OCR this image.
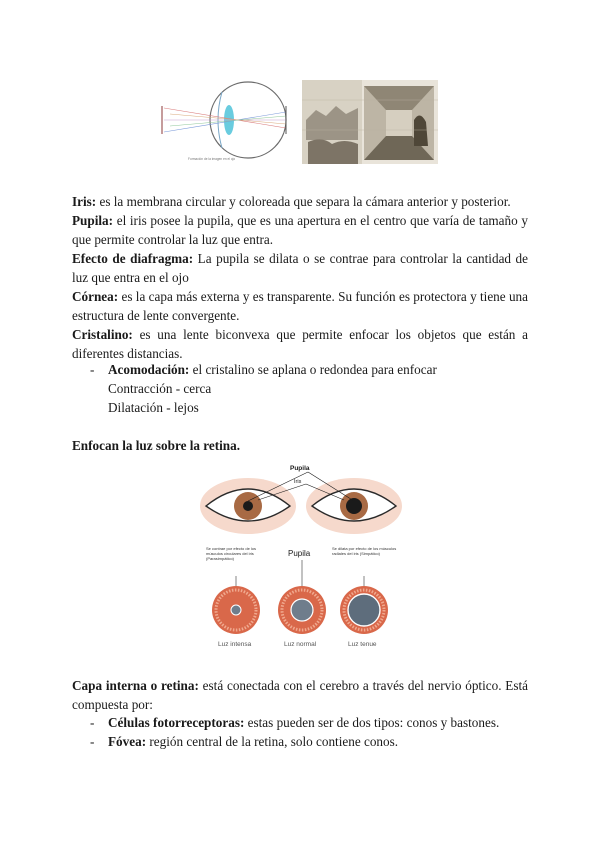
Formación de la imagen en el ojo
Iris: es la membrana circular y coloreada que separa la cámara anterior y posterior.
Pupila: el iris posee la pupila, que es una apertura en el centro que varía de tamaño y que permite controlar la luz que entra.
Efecto de diafragma: La pupila se dilata o se contrae para controlar la cantidad de luz que entra en el ojo
Córnea: es la capa más externa y es transparente. Su función es protectora y tiene una estructura de lente convergente.
Cristalino: es una lente biconvexa que permite enfocar los objetos que están a diferentes distancias.
- Acomodación: el cristalino se aplana o redondea para enfocar
Contracción - cerca
Dilatación - lejos
Enfocan la luz sobre la retina.
Pupila
Iris
Se contrae por efecto de los músculos circulares del iris (Parasimpático)
Pupila
Se dilata por efecto de los músculos radiales del iris (Simpático)
Luz intensa	Luz normal	Luz tenue
Capa interna o retina: está conectada con el cerebro a través del nervio óptico. Está compuesta por:
- Células fotorreceptoras: estas pueden ser de dos tipos: conos y bastones.
- Fóvea: región central de la retina, solo contiene conos.
